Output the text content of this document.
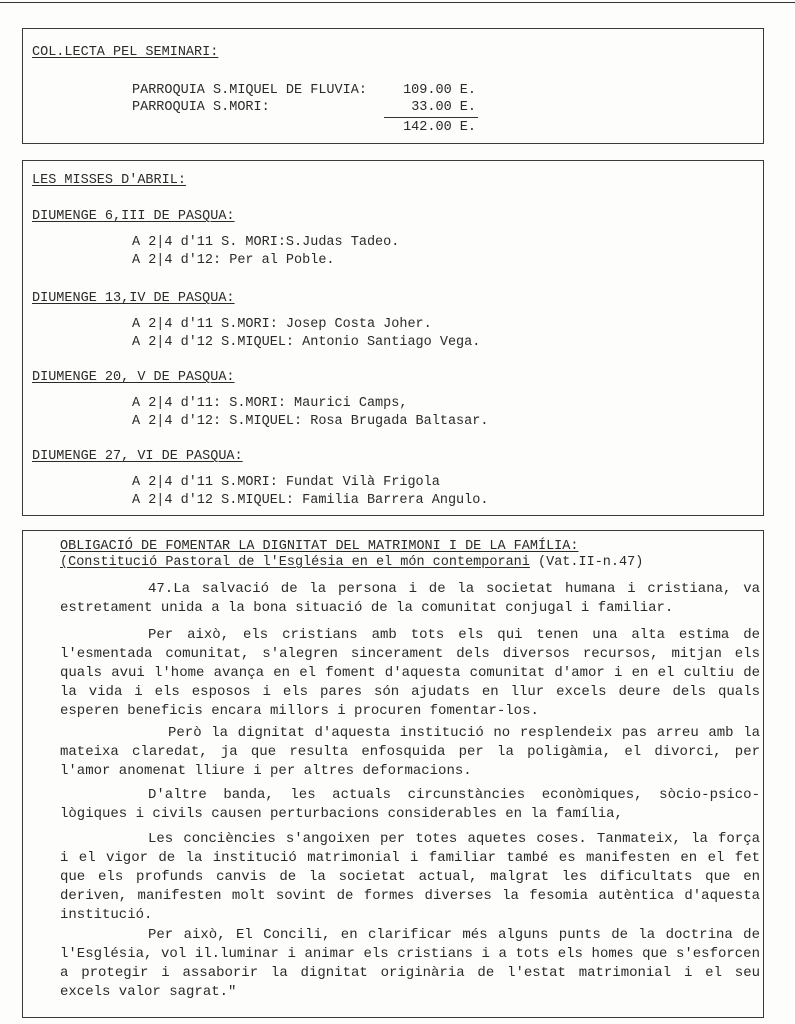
COL.LECTA PEL SEMINARI:
PARROQUIA S.MIQUEL DE FLUVIA:	109.00 E.
PARROQUIA S.MORI:	33.00 E.
142.00 E.
LES MISSES D'ABRIL:
DIUMENGE 6,III DE PASQUA:
A 2|4 d'11 S. MORI:S.Judas Tadeo.
A 2|4 d'12: Per al Poble.
DIUMENGE 13,IV DE PASQUA:
A 2|4 d'11 S.MORI: Josep Costa Joher.
A 2|4 d'12 S.MIQUEL: Antonio Santiago Vega.
DIUMENGE 20, V DE PASQUA:
A 2|4 d'11: S.MORI: Maurici Camps,
A 2|4 d'12: S.MIQUEL: Rosa Brugada Baltasar.
DIUMENGE 27, VI DE PASQUA:
A 2|4 d'11 S.MORI: Fundat Vilà Frigola
A 2|4 d'12 S.MIQUEL: Familia Barrera Angulo.
OBLIGACIÓ DE FOMENTAR LA DIGNITAT DEL MATRIMONI I DE LA FAMÍLIA:
(Constitució Pastoral de l'Església en el món contemporani (Vat.II-n.47)
47.La salvació de la persona i de la societat humana i cristiana, va estretament unida a la bona situació de la comunitat conjugal i familiar.
Per això, els cristians amb tots els qui tenen una alta estima de l'esmentada comunitat, s'alegren sincerament dels diversos recursos, mitjan els quals avui l'home avança en el foment d'aquesta comunitat d'amor i en el cultiu de la vida i els esposos i els pares són ajudats en llur excels deure dels quals esperen beneficis encara millors i procuren fomentar-los.
Però la dignitat d'aquesta institució no resplendeix pas arreu amb la mateixa claredat, ja que resulta enfosquida per la poligàmia, el divorci, per l'amor anomenat lliure i per altres deformacions.
D'altre banda, les actuals circunstàncies econòmiques, sòcio-psico-lògiques i civils causen perturbacions considerables en la família,
Les conciències s'angoixen per totes aquetes coses. Tanmateix, la força i el vigor de la institució matrimonial i familiar també es manifesten en el fet que els profunds canvis de la societat actual, malgrat les dificultats que en deriven, manifesten molt sovint de formes diverses la fesomia autèntica d'aquesta institució.
Per això, El Concili, en clarificar més alguns punts de la doctrina de l'Església, vol il.luminar i animar els cristians i a tots els homes que s'esforcen a protegir i assaborir la dignitat originària de l'estat matrimonial i el seu excels valor sagrat."
